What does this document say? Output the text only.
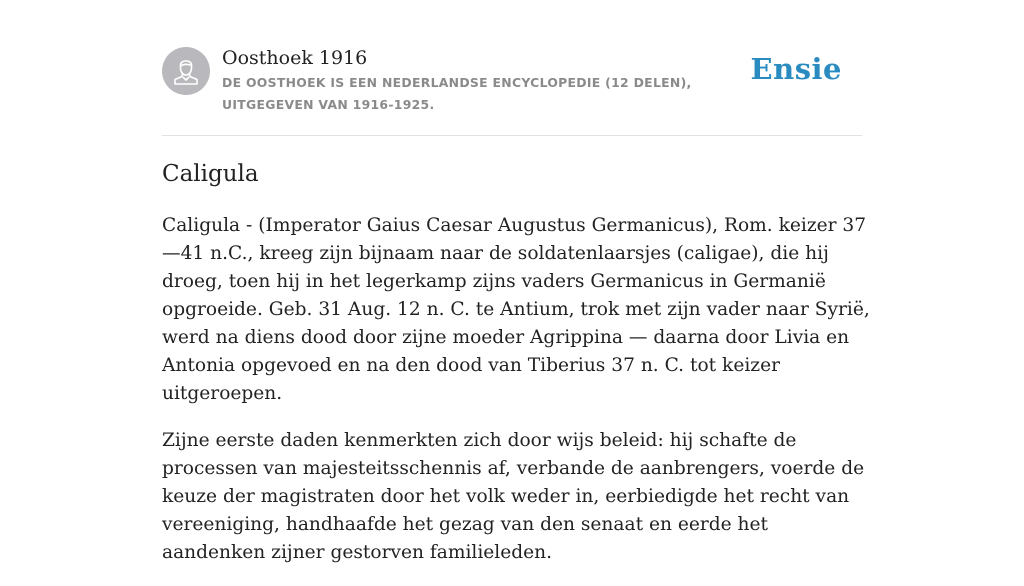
Oosthoek 1916
DE OOSTHOEK IS EEN NEDERLANDSE ENCYCLOPEDIE (12 DELEN), UITGEGEVEN VAN 1916-1925.
Ensie
Caligula

Caligula - (Imperator Gaius Caesar Augustus Germanicus), Rom. keizer 37—41 n.C., kreeg zijn bijnaam naar de soldatenlaarsjes (caligae), die hij droeg, toen hij in het legerkamp zijns vaders Germanicus in Germanië opgroeide. Geb. 31 Aug. 12 n. C. te Antium, trok met zijn vader naar Syrië, werd na diens dood door zijne moeder Agrippina — daarna door Livia en Antonia opgevoed en na den dood van Tiberius 37 n. C. tot keizer uitgeroepen.

Zijne eerste daden kenmerkten zich door wijs beleid: hij schafte de processen van majesteitsschennis af, verbande de aanbrengers, voerde de keuze der magistraten door het volk weder in, eerbiedigde het recht van vereeniging, handhaafde het gezag van den senaat en eerde het aandenken zijner gestorven familieleden.
